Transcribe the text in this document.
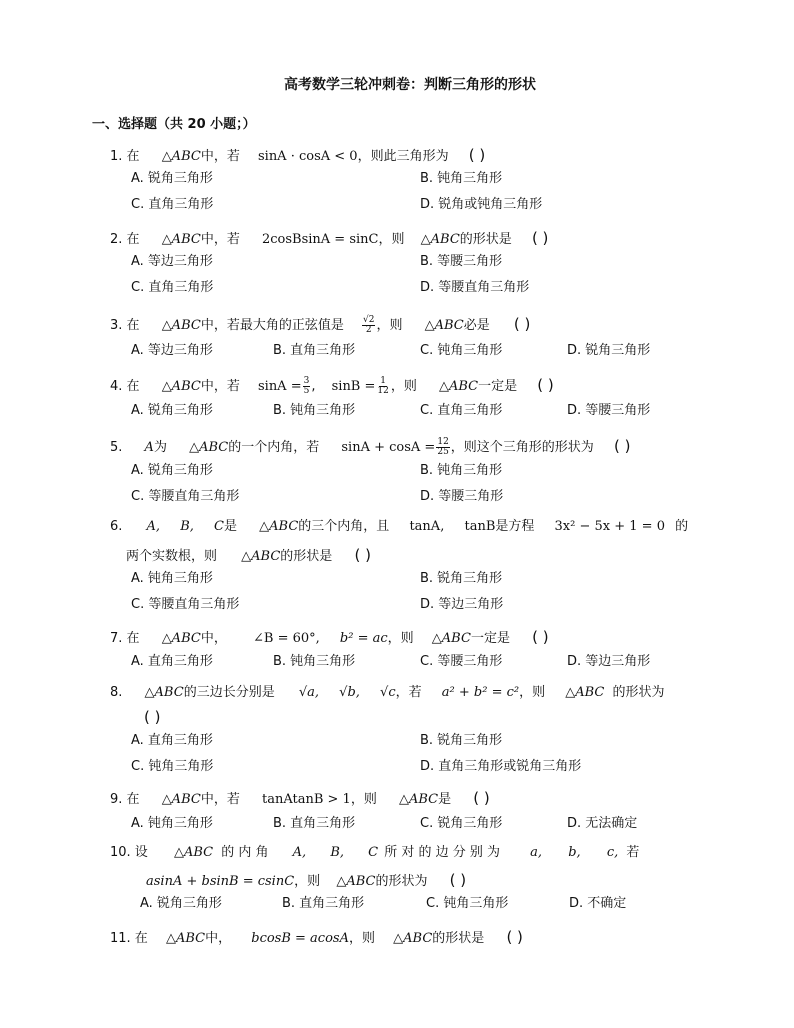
高考数学三轮冲刺卷：判断三角形的形状
一、选择题（共 20 小题；）
1. 在 △ABC中，若 sinA · cosA < 0，则此三角形为 ( )
A. 锐角三角形	B. 钝角三角形
C. 直角三角形	D. 锐角或钝角三角形
2. 在 △ABC中，若 2cosBsinA = sinC，则 △ABC的形状是 ( )
A. 等边三角形	B. 等腰三角形
C. 直角三角形	D. 等腰直角三角形
3. 在 △ABC中，若最大角的正弦值是 $\frac{√2}{2}$ ，则 △ABC必是 ( )
A. 等边三角形	B. 直角三角形	C. 钝角三角形	D. 锐角三角形
4. 在 △ABC中，若 $\sin A = \frac{3}{5}$ , $\sin B = \frac{1}{12}$ ，则 △ABC一定是 ( )
A. 锐角三角形	B. 钝角三角形	C. 直角三角形	D. 等腰三角形
5. A为 △ABC的一个内角，若 $\sin A + \cos A = \frac{12}{25}$ ，则这个三角形的形状为 ( )
A. 锐角三角形	B. 钝角三角形
C. 等腰直角三角形	D. 等腰三角形
6. A, B, C是 △ABC的三个内角，且 tanA, tanB是方程 3x² − 5x + 1 = 0 的
两个实数根，则 △ABC的形状是 ( )
A. 钝角三角形	B. 锐角三角形
C. 等腰直角三角形	D. 等边三角形
7. 在 △ABC中， ∠B = 60°, b² = ac，则 △ABC一定是 ( )
A. 直角三角形	B. 钝角三角形	C. 等腰三角形	D. 等边三角形
8. △ABC的三边长分别是 √a, √b, √c，若 a² + b² = c²，则 △ABC 的形状为
( )
A. 直角三角形	B. 锐角三角形
C. 钝角三角形	D. 直角三角形或锐角三角形
9. 在 △ABC中，若 tanAtanB > 1，则 △ABC是 ( )
A. 钝角三角形	B. 直角三角形	C. 锐角三角形	D. 无法确定
10. 设 △ABC 的 内 角 A, B, C 所 对 的 边 分 别 为 a, b, c, 若
asinA + bsinB = csinC，则 △ABC的形状为 ( )
A. 锐角三角形	B. 直角三角形	C. 钝角三角形	D. 不确定
11. 在 △ABC中， bcosB = acosA，则 △ABC的形状是 ( )
